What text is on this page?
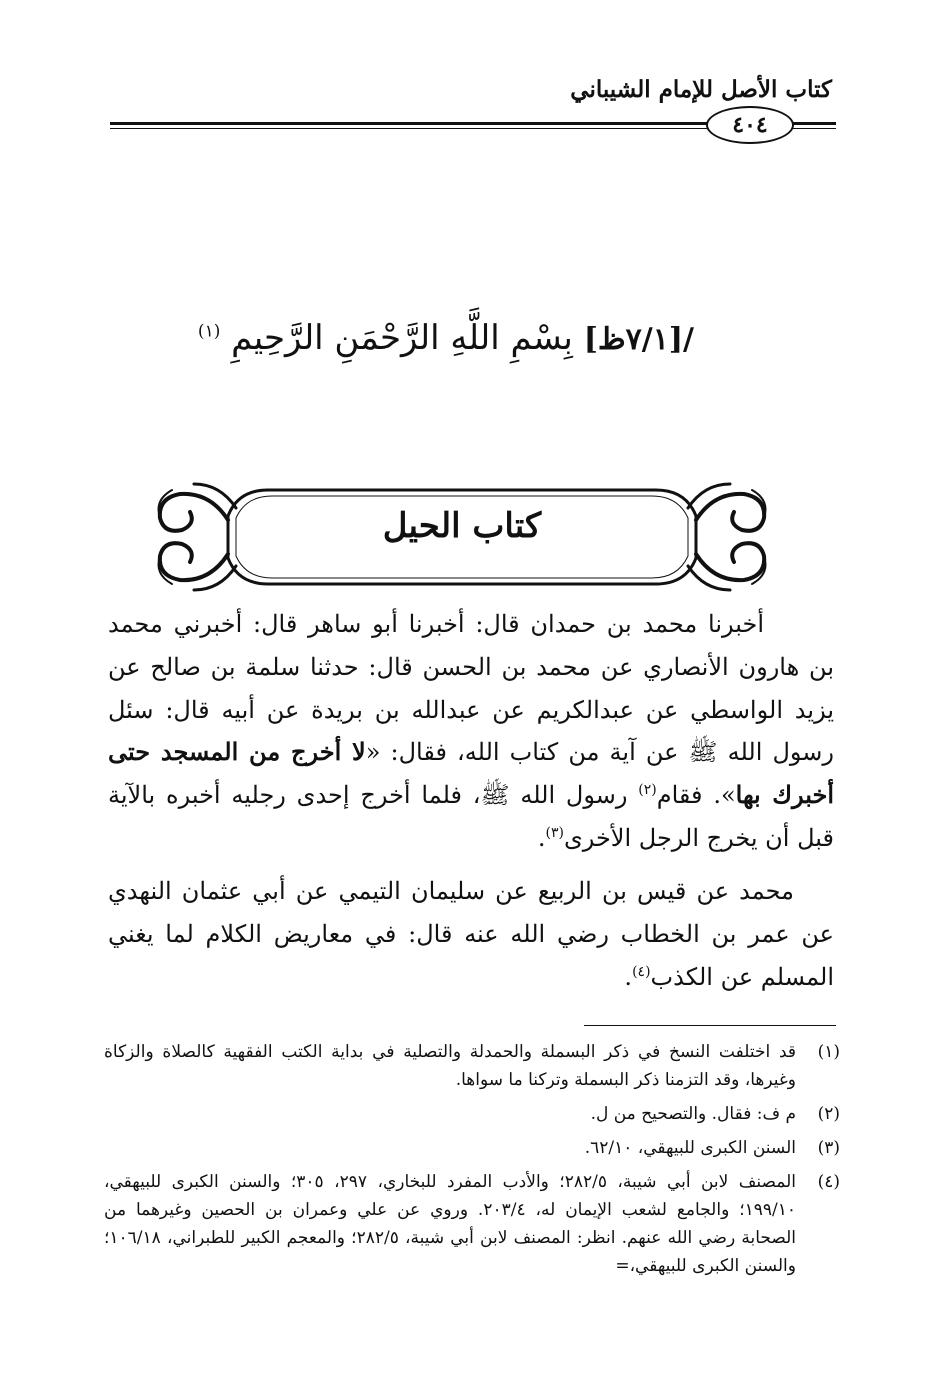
كتاب الأصل للإمام الشيباني
٤٠٤
/[٧/١ظ] بِسْمِ اللَّهِ الرَّحْمَنِ الرَّحِيمِ $^{(١)}$
كتاب الحيل
أخبرنا محمد بن حمدان قال: أخبرنا أبو ساهر قال: أخبرني محمد بن هارون الأنصاري عن محمد بن الحسن قال: حدثنا سلمة بن صالح عن يزيد الواسطي عن عبدالكريم عن عبدالله بن بريدة عن أبيه قال: سئل رسول الله ﷺ عن آية من كتاب الله، فقال: «لا أخرج من المسجد حتى أخبرك بها». فقام$^{(٢)}$ رسول الله ﷺ، فلما أخرج إحدى رجليه أخبره بالآية قبل أن يخرج الرجل الأخرى$^{(٣)}$.
محمد عن قيس بن الربيع عن سليمان التيمي عن أبي عثمان النهدي عن عمر بن الخطاب رضي الله عنه قال: في معاريض الكلام لما يغني المسلم عن الكذب$^{(٤)}$.
(١)
قد اختلفت النسخ في ذكر البسملة والحمدلة والتصلية في بداية الكتب الفقهية كالصلاة والزكاة وغيرها، وقد التزمنا ذكر البسملة وتركنا ما سواها.
(٢)
م ف: فقال. والتصحيح من ل.
(٣)
السنن الكبرى للبيهقي، ٦٢/١٠.
(٤)
المصنف لابن أبي شيبة، ٢٨٢/٥؛ والأدب المفرد للبخاري، ٢٩٧، ٣٠٥؛ والسنن الكبرى للبيهقي، ١٩٩/١٠؛ والجامع لشعب الإيمان له، ٢٠٣/٤. وروي عن علي وعمران بن الحصين وغيرهما من الصحابة رضي الله عنهم. انظر: المصنف لابن أبي شيبة، ٢٨٢/٥؛ والمعجم الكبير للطبراني، ١٠٦/١٨؛ والسنن الكبرى للبيهقي،=
